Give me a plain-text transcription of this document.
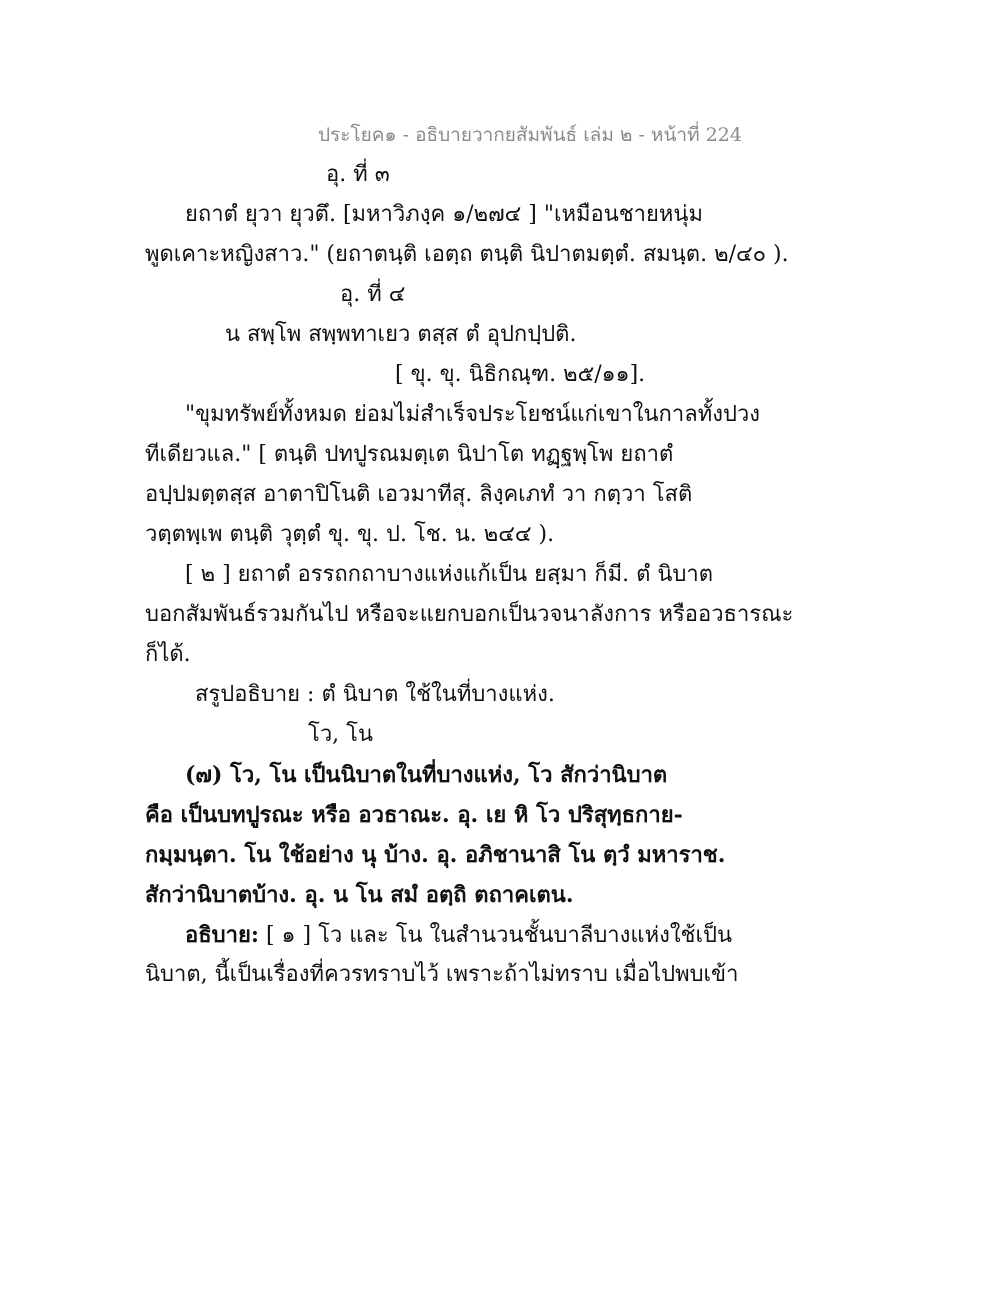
ประโยค๑ - อธิบายวากยสัมพันธ์ เล่ม ๒ - หน้าที่ 224
อุ. ที่ ๓
ยถาตํ ยุวา ยุวตึ. [มหาวิภงฺค ๑/๒๗๔ ] "เหมือนชายหนุ่ม
พูดเคาะหญิงสาว." (ยถาตนฺติ เอตฺถ ตนฺติ นิปาตมตฺตํ. สมนฺต. ๒/๔๐ ).
อุ. ที่ ๔
น สพฺโพ สพฺพทาเยว ตสฺส ตํ อุปกปฺปติ.
[ ขุ. ขุ. นิธิกณฺฑ. ๒๕/๑๑].
"ขุมทรัพย์ทั้งหมด ย่อมไม่สำเร็จประโยชน์แก่เขาในกาลทั้งปวง
ทีเดียวแล." [ ตนฺติ ปทปูรณมตฺเต นิปาโต ทฏฺฐพฺโพ ยถาตํ
อปฺปมตฺตสฺส อาตาปิโนติ เอวมาทีสุ. ลิงฺคเภทํ วา กตฺวา โสติ
วตฺตพฺเพ ตนฺติ วุตฺตํ ขุ. ขุ. ป. โช. น. ๒๔๔ ).
[ ๒ ] ยถาตํ อรรถกถาบางแห่งแก้เป็น ยสฺมา ก็มี. ตํ นิบาต
บอกสัมพันธ์รวมกันไป หรือจะแยกบอกเป็นวจนาลังการ หรืออวธารณะ
ก็ได้.
สรูปอธิบาย : ตํ นิบาต ใช้ในที่บางแห่ง.
โว, โน
(๗) โว, โน เป็นนิบาตในที่บางแห่ง, โว สักว่านิบาต
คือ เป็นบทปูรณะ หรือ อวธาณะ. อุ. เย หิ โว ปริสุทฺธกาย-
กมฺมนฺตา. โน ใช้อย่าง นุ บ้าง. อุ. อภิชานาสิ โน ตฺวํ มหาราช.
สักว่านิบาตบ้าง. อุ. น โน สมํ อตฺถิ ตถาคเตน.
อธิบาย: [ ๑ ] โว และ โน ในสำนวนชั้นบาลีบางแห่งใช้เป็น
นิบาต, นี้เป็นเรื่องที่ควรทราบไว้ เพราะถ้าไม่ทราบ เมื่อไปพบเข้า
